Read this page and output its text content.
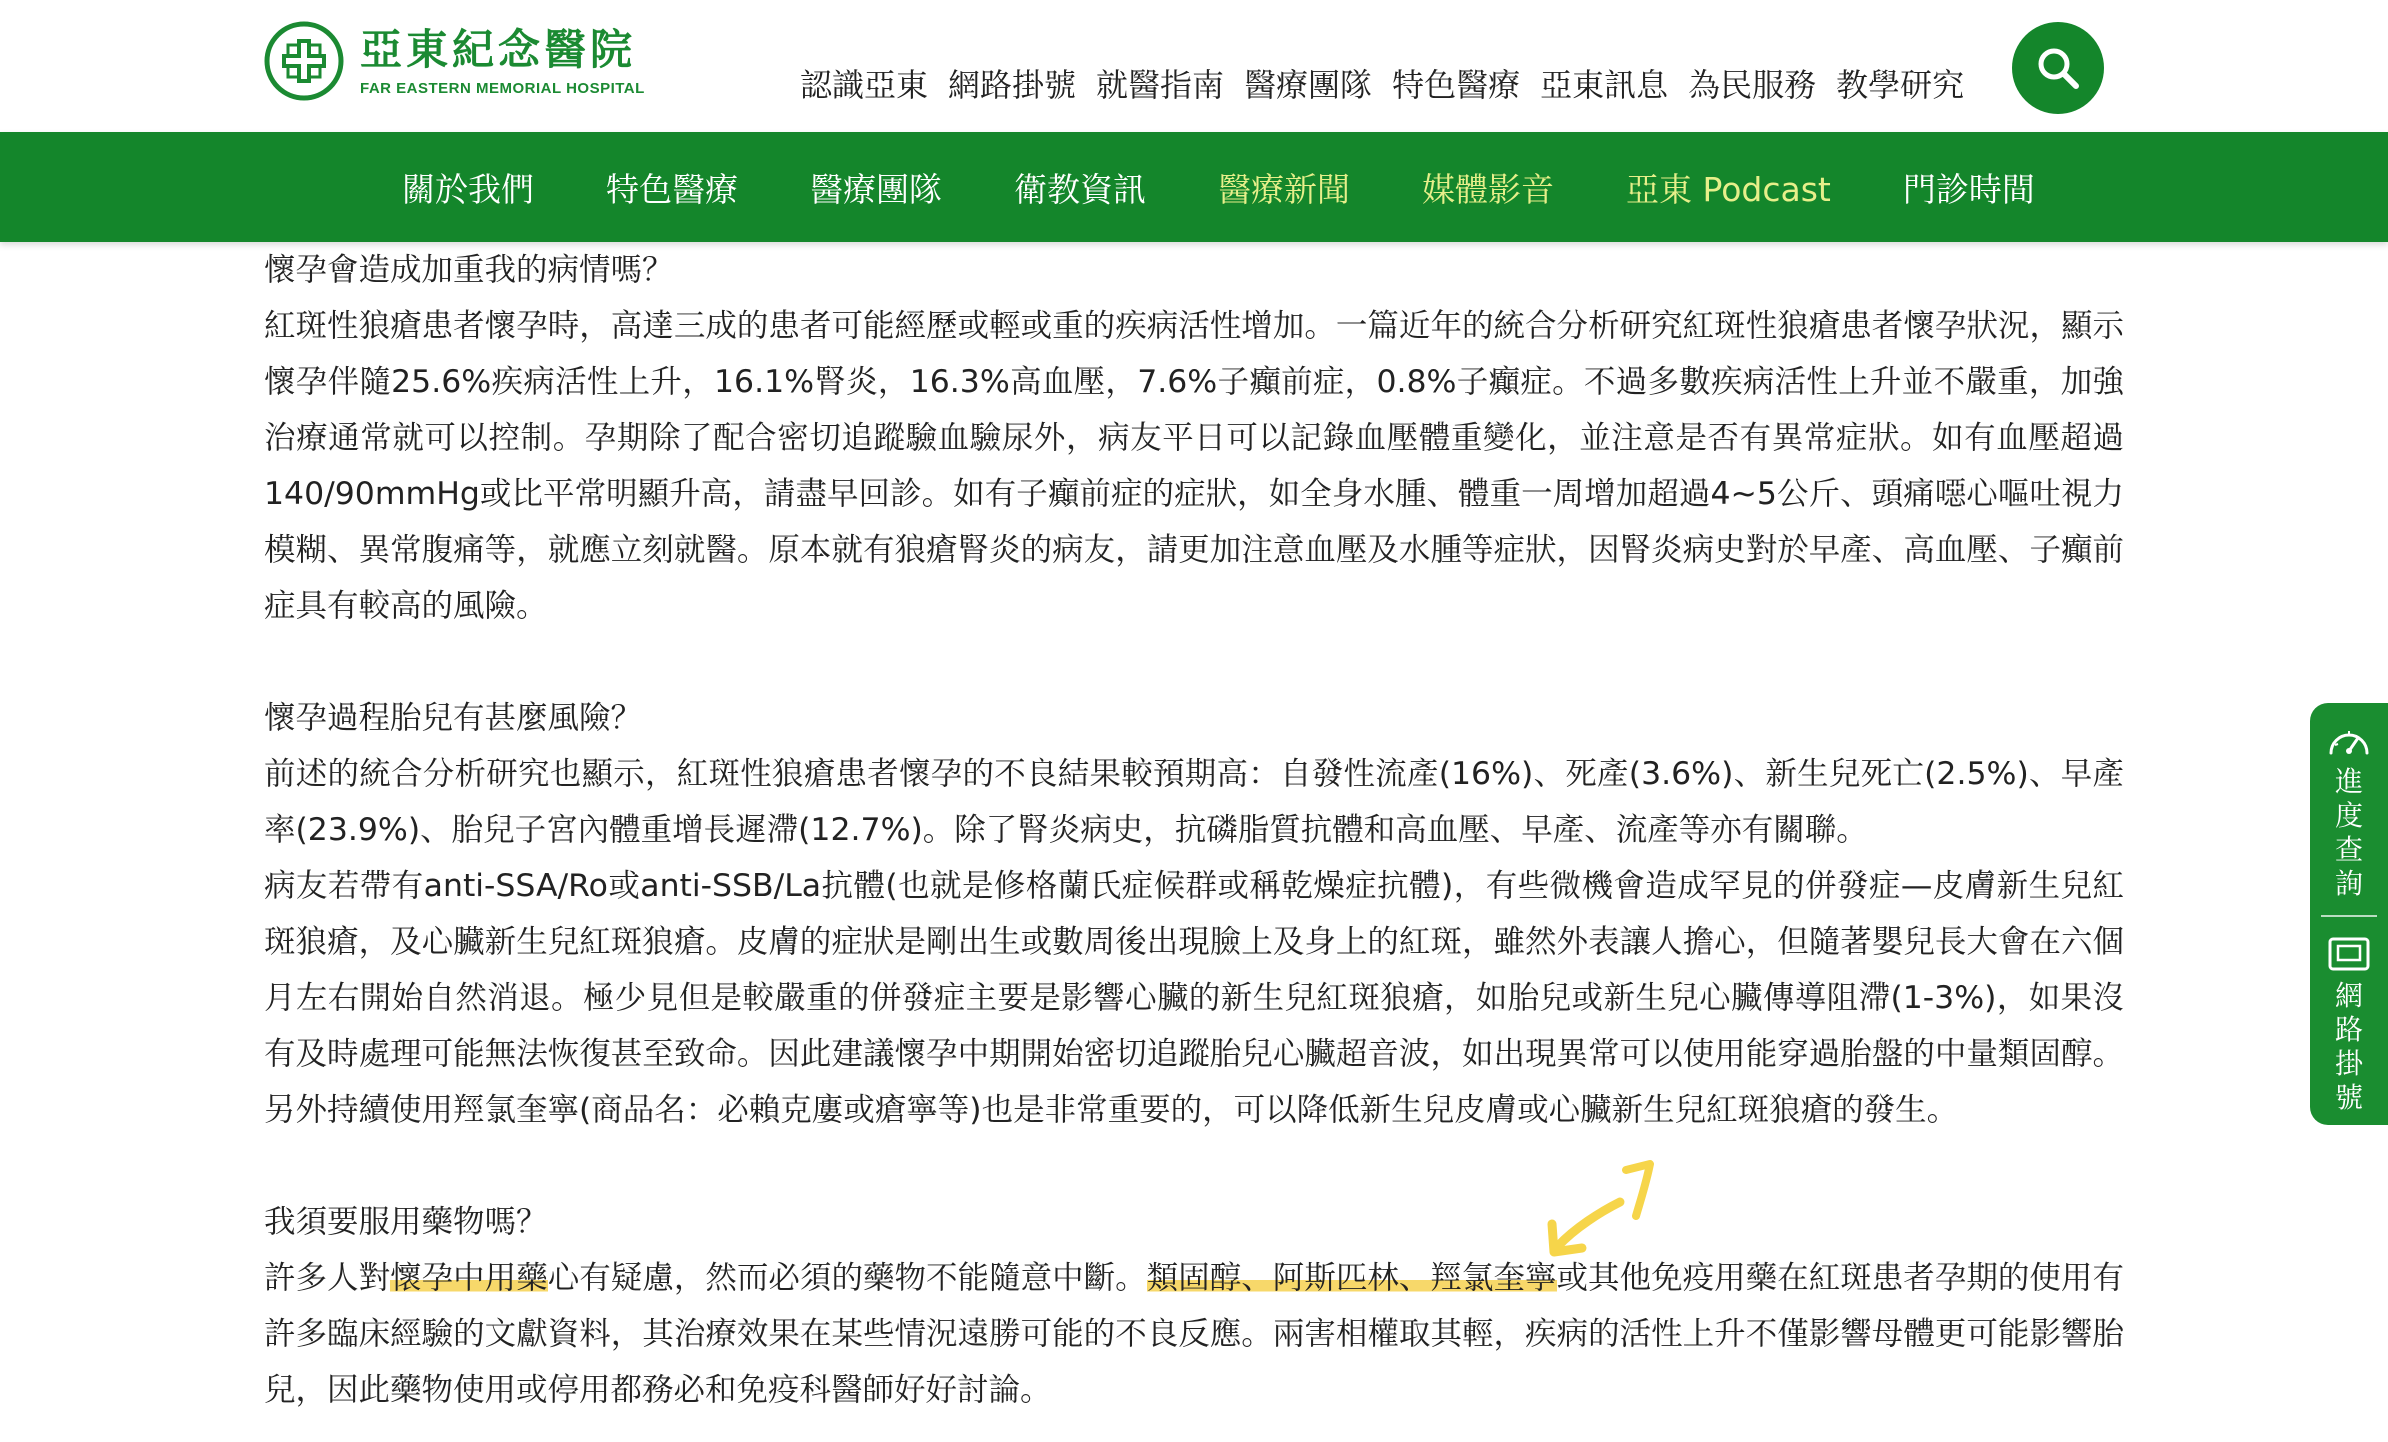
亞東紀念醫院
FAR EASTERN MEMORIAL HOSPITAL	認識亞東 網路掛號 就醫指南 醫療團隊 特色醫療 亞東訊息 為民服務 教學研究
關於我們 特色醫療 醫療團隊 衛教資訊 醫療新聞 媒體影音 亞東 Podcast 門診時間

懷孕會造成加重我的病情嗎？

紅斑性狼瘡患者懷孕時，高達三成的患者可能經歷或輕或重的疾病活性增加。一篇近年的統合分析研究紅斑性狼瘡患者懷孕狀況，顯示懷孕伴隨25.6%疾病活性上升，16.1%腎炎，16.3%高血壓，7.6%子癲前症，0.8%子癲症。不過多數疾病活性上升並不嚴重，加強治療通常就可以控制。孕期除了配合密切追蹤驗血驗尿外，病友平日可以記錄血壓體重變化，並注意是否有異常症狀。如有血壓超過140/90mmHg或比平常明顯升高，請盡早回診。如有子癲前症的症狀，如全身水腫、體重一周增加超過4~5公斤、頭痛噁心嘔吐視力模糊、異常腹痛等，就應立刻就醫。原本就有狼瘡腎炎的病友，請更加注意血壓及水腫等症狀，因腎炎病史對於早產、高血壓、子癲前症具有較高的風險。

懷孕過程胎兒有甚麼風險？

前述的統合分析研究也顯示，紅斑性狼瘡患者懷孕的不良結果較預期高：自發性流產(16%)、死產(3.6%)、新生兒死亡(2.5%)、早產率(23.9%)、胎兒子宮內體重增長遲滯(12.7%)。除了腎炎病史，抗磷脂質抗體和高血壓、早產、流產等亦有關聯。

病友若帶有anti-SSA/Ro或anti-SSB/La抗體(也就是修格蘭氏症候群或稱乾燥症抗體)，有些微機會造成罕見的併發症—皮膚新生兒紅斑狼瘡，及心臟新生兒紅斑狼瘡。皮膚的症狀是剛出生或數周後出現臉上及身上的紅斑，雖然外表讓人擔心，但隨著嬰兒長大會在六個月左右開始自然消退。極少見但是較嚴重的併發症主要是影響心臟的新生兒紅斑狼瘡，如胎兒或新生兒心臟傳導阻滯(1-3%)，如果沒有及時處理可能無法恢復甚至致命。因此建議懷孕中期開始密切追蹤胎兒心臟超音波，如出現異常可以使用能穿過胎盤的中量類固醇。另外持續使用羥氯奎寧(商品名：必賴克廔或瘡寧等)也是非常重要的，可以降低新生兒皮膚或心臟新生兒紅斑狼瘡的發生。

我須要服用藥物嗎？

許多人對懷孕中用藥心有疑慮，然而必須的藥物不能隨意中斷。類固醇、阿斯匹林、羥氯奎寧或其他免疫用藥在紅斑患者孕期的使用有許多臨床經驗的文獻資料，其治療效果在某些情況遠勝可能的不良反應。兩害相權取其輕，疾病的活性上升不僅影響母體更可能影響胎兒，因此藥物使用或停用都務必和免疫科醫師好好討論。

進度查詢
網路掛號
TOP
回到上方
